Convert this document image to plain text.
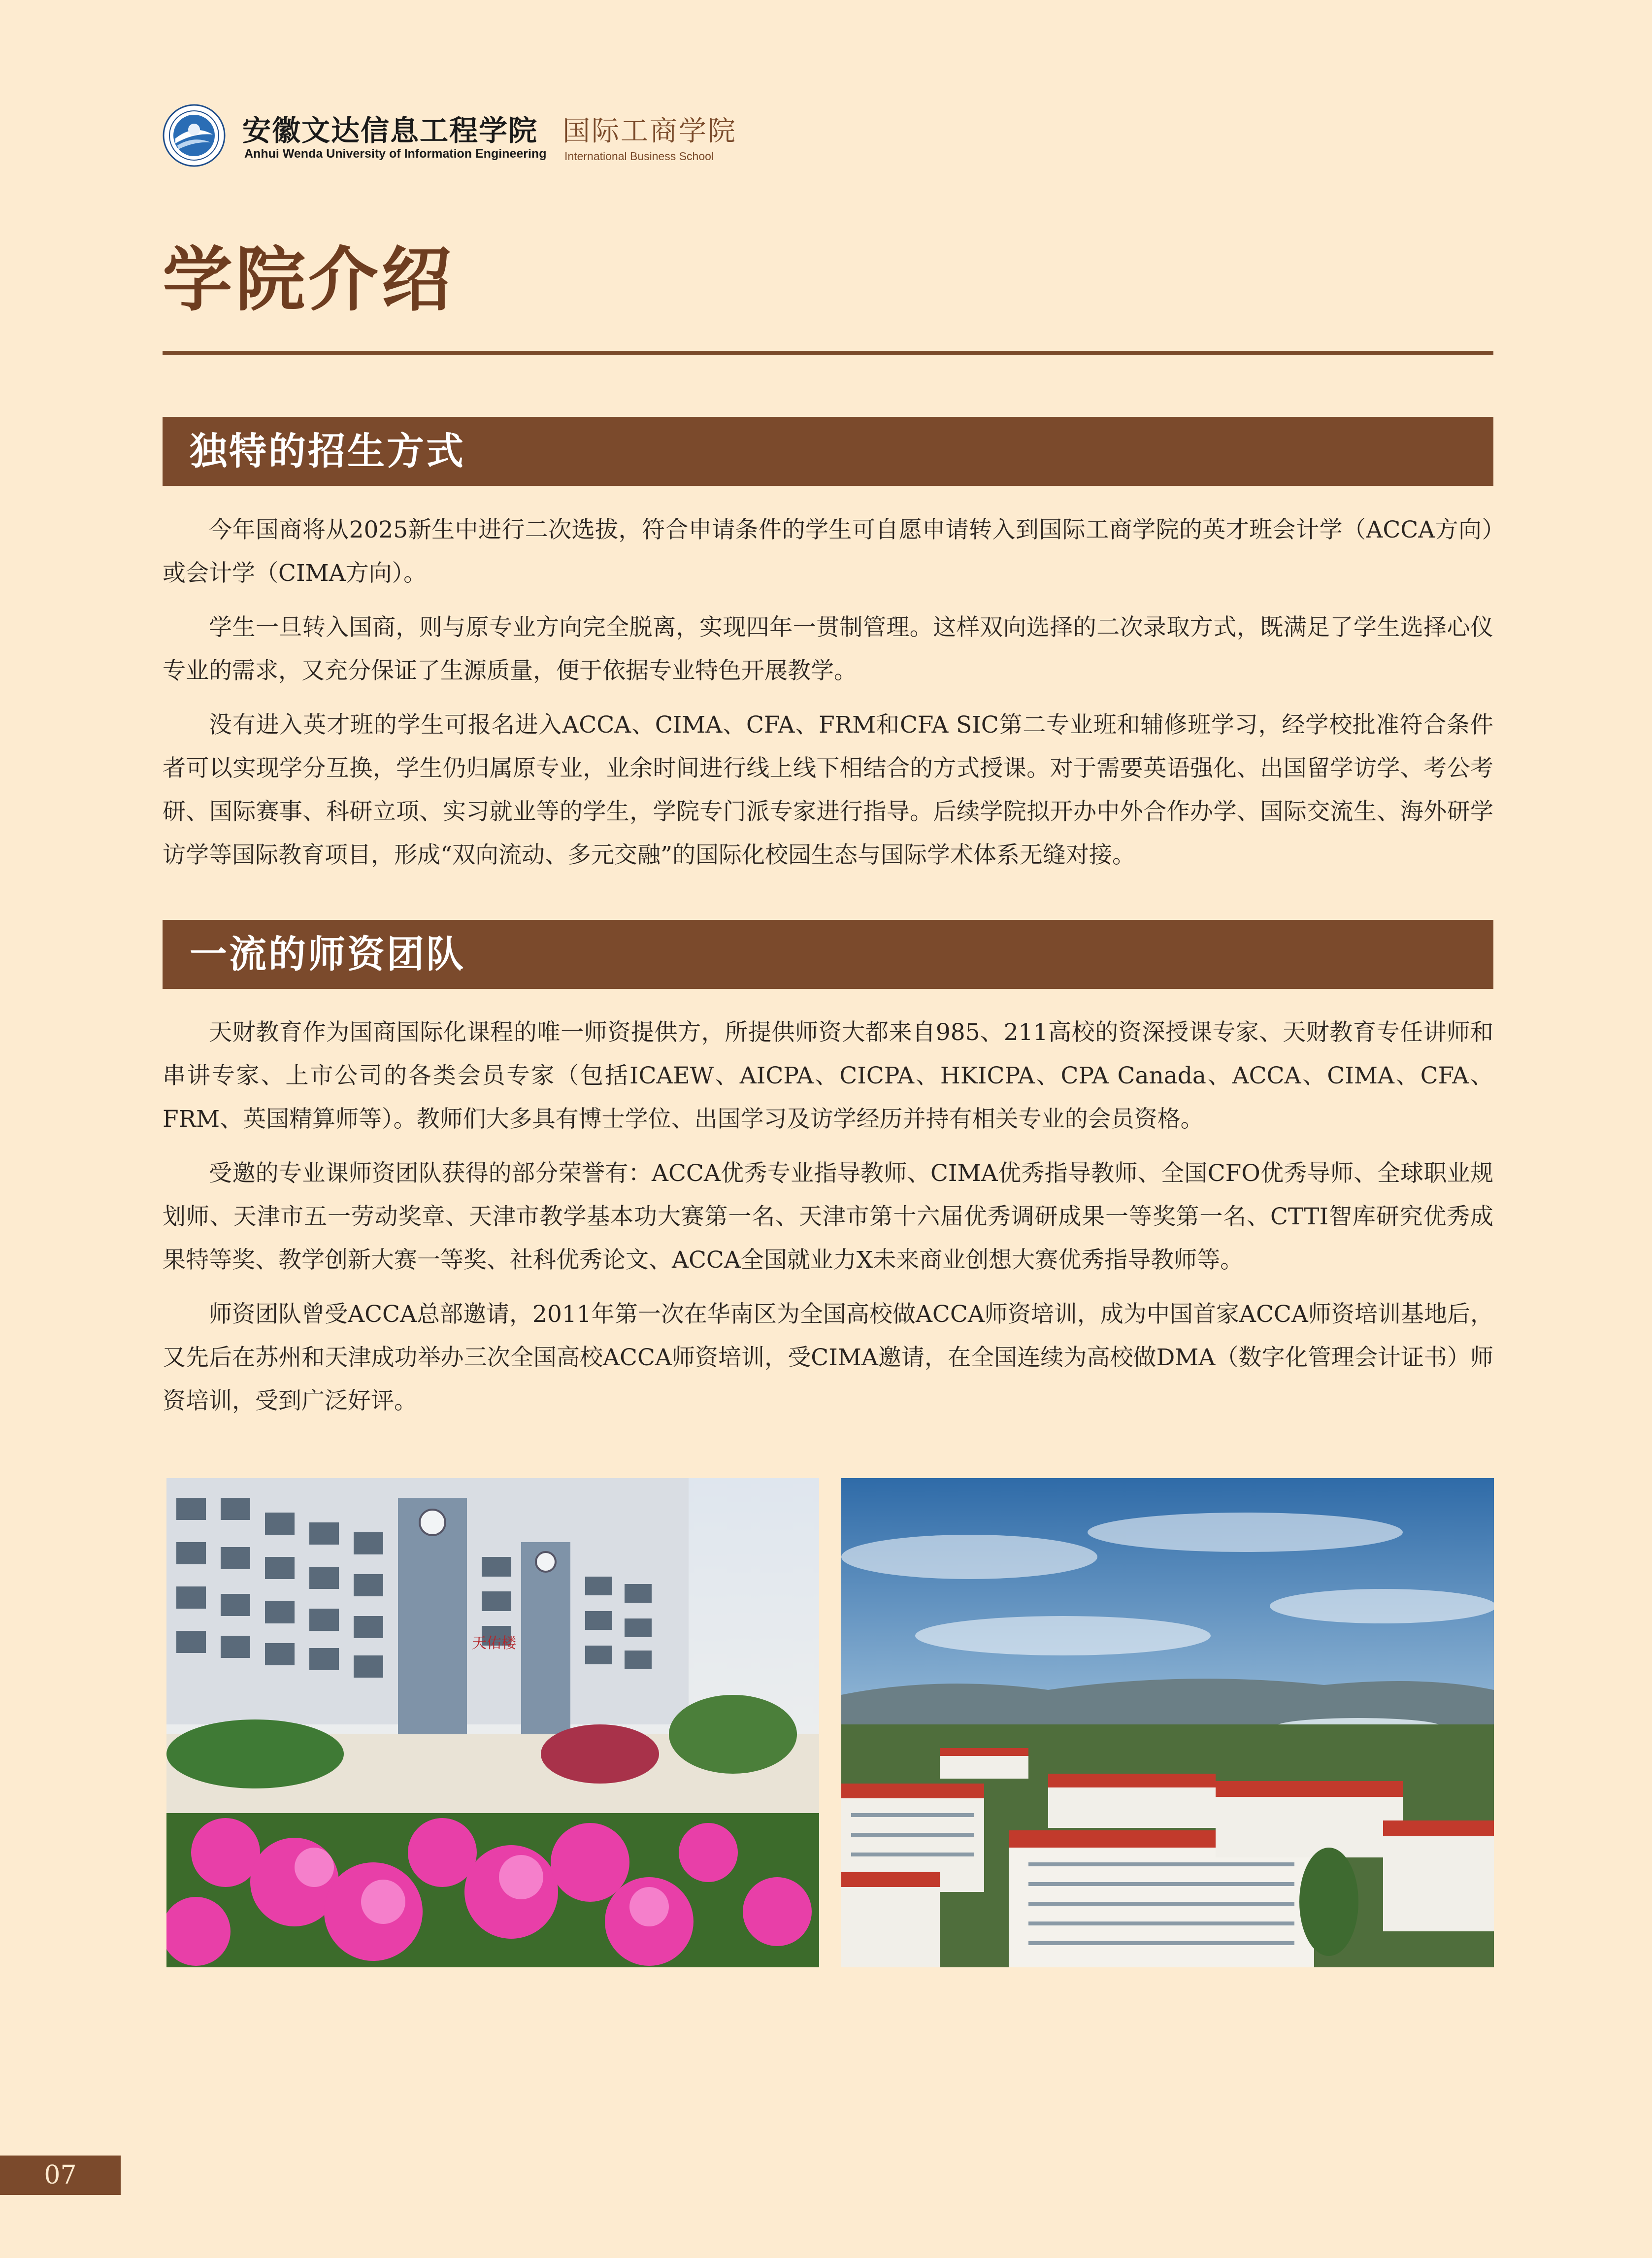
安徽文达信息工程学院
Anhui Wenda University of Information Engineering
国际工商学院
International Business School
学院介绍
独特的招生方式

今年国商将从2025新生中进行二次选拔，符合申请条件的学生可自愿申请转入到国际工商学院的英才班会计学（ACCA方向）或会计学（CIMA方向）。

学生一旦转入国商，则与原专业方向完全脱离，实现四年一贯制管理。这样双向选择的二次录取方式，既满足了学生选择心仪专业的需求，又充分保证了生源质量，便于依据专业特色开展教学。

没有进入英才班的学生可报名进入ACCA、CIMA、CFA、FRM和CFA SIC第二专业班和辅修班学习，经学校批准符合条件者可以实现学分互换，学生仍归属原专业，业余时间进行线上线下相结合的方式授课。对于需要英语强化、出国留学访学、考公考研、国际赛事、科研立项、实习就业等的学生，学院专门派专家进行指导。后续学院拟开办中外合作办学、国际交流生、海外研学访学等国际教育项目，形成“双向流动、多元交融”的国际化校园生态与国际学术体系无缝对接。

一流的师资团队

天财教育作为国商国际化课程的唯一师资提供方，所提供师资大都来自985、211高校的资深授课专家、天财教育专任讲师和串讲专家、上市公司的各类会员专家（包括ICAEW、AICPA、CICPA、HKICPA、CPA Canada、ACCA、CIMA、CFA、FRM、英国精算师等）。教师们大多具有博士学位、出国学习及访学经历并持有相关专业的会员资格。

受邀的专业课师资团队获得的部分荣誉有：ACCA优秀专业指导教师、CIMA优秀指导教师、全国CFO优秀导师、全球职业规划师、天津市五一劳动奖章、天津市教学基本功大赛第一名、天津市第十六届优秀调研成果一等奖第一名、CTTI智库研究优秀成果特等奖、教学创新大赛一等奖、社科优秀论文、ACCA全国就业力X未来商业创想大赛优秀指导教师等。

师资团队曾受ACCA总部邀请，2011年第一次在华南区为全国高校做ACCA师资培训，成为中国首家ACCA师资培训基地后，又先后在苏州和天津成功举办三次全国高校ACCA师资培训，受CIMA邀请，在全国连续为高校做DMA（数字化管理会计证书）师资培训，受到广泛好评。

天佑楼
07
